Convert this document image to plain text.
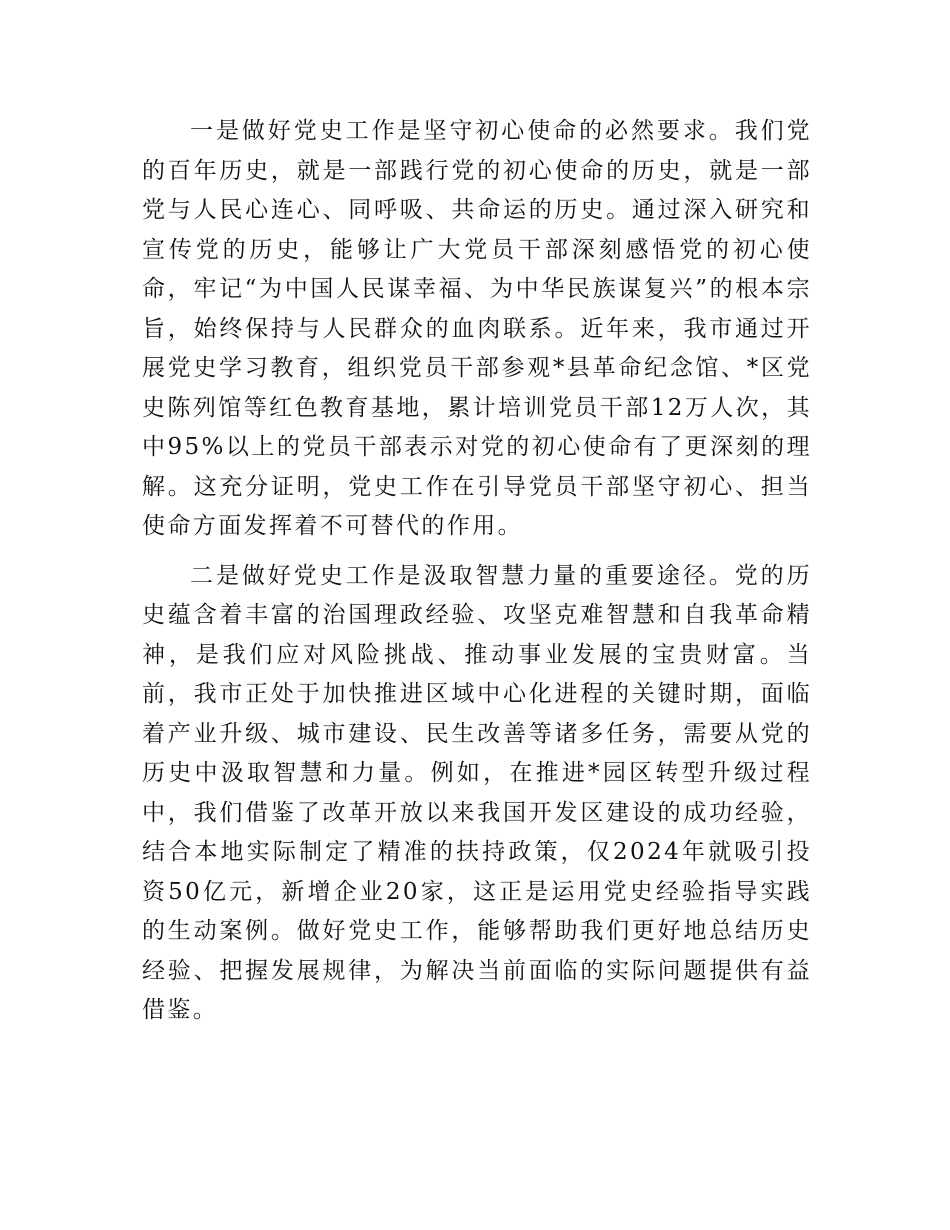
一是做好党史工作是坚守初心使命的必然要求。我们党的百年历史，就是一部践行党的初心使命的历史，就是一部党与人民心连心、同呼吸、共命运的历史。通过深入研究和宣传党的历史，能够让广大党员干部深刻感悟党的初心使命，牢记“为中国人民谋幸福、为中华民族谋复兴”的根本宗旨，始终保持与人民群众的血肉联系。近年来，我市通过开展党史学习教育，组织党员干部参观*县革命纪念馆、*区党史陈列馆等红色教育基地，累计培训党员干部12万人次，其中95%以上的党员干部表示对党的初心使命有了更深刻的理解。这充分证明，党史工作在引导党员干部坚守初心、担当使命方面发挥着不可替代的作用。

二是做好党史工作是汲取智慧力量的重要途径。党的历史蕴含着丰富的治国理政经验、攻坚克难智慧和自我革命精神，是我们应对风险挑战、推动事业发展的宝贵财富。当前，我市正处于加快推进区域中心化进程的关键时期，面临着产业升级、城市建设、民生改善等诸多任务，需要从党的历史中汲取智慧和力量。例如，在推进*园区转型升级过程中，我们借鉴了改革开放以来我国开发区建设的成功经验，结合本地实际制定了精准的扶持政策，仅2024年就吸引投资50亿元，新增企业20家，这正是运用党史经验指导实践的生动案例。做好党史工作，能够帮助我们更好地总结历史经验、把握发展规律，为解决当前面临的实际问题提供有益借鉴。
